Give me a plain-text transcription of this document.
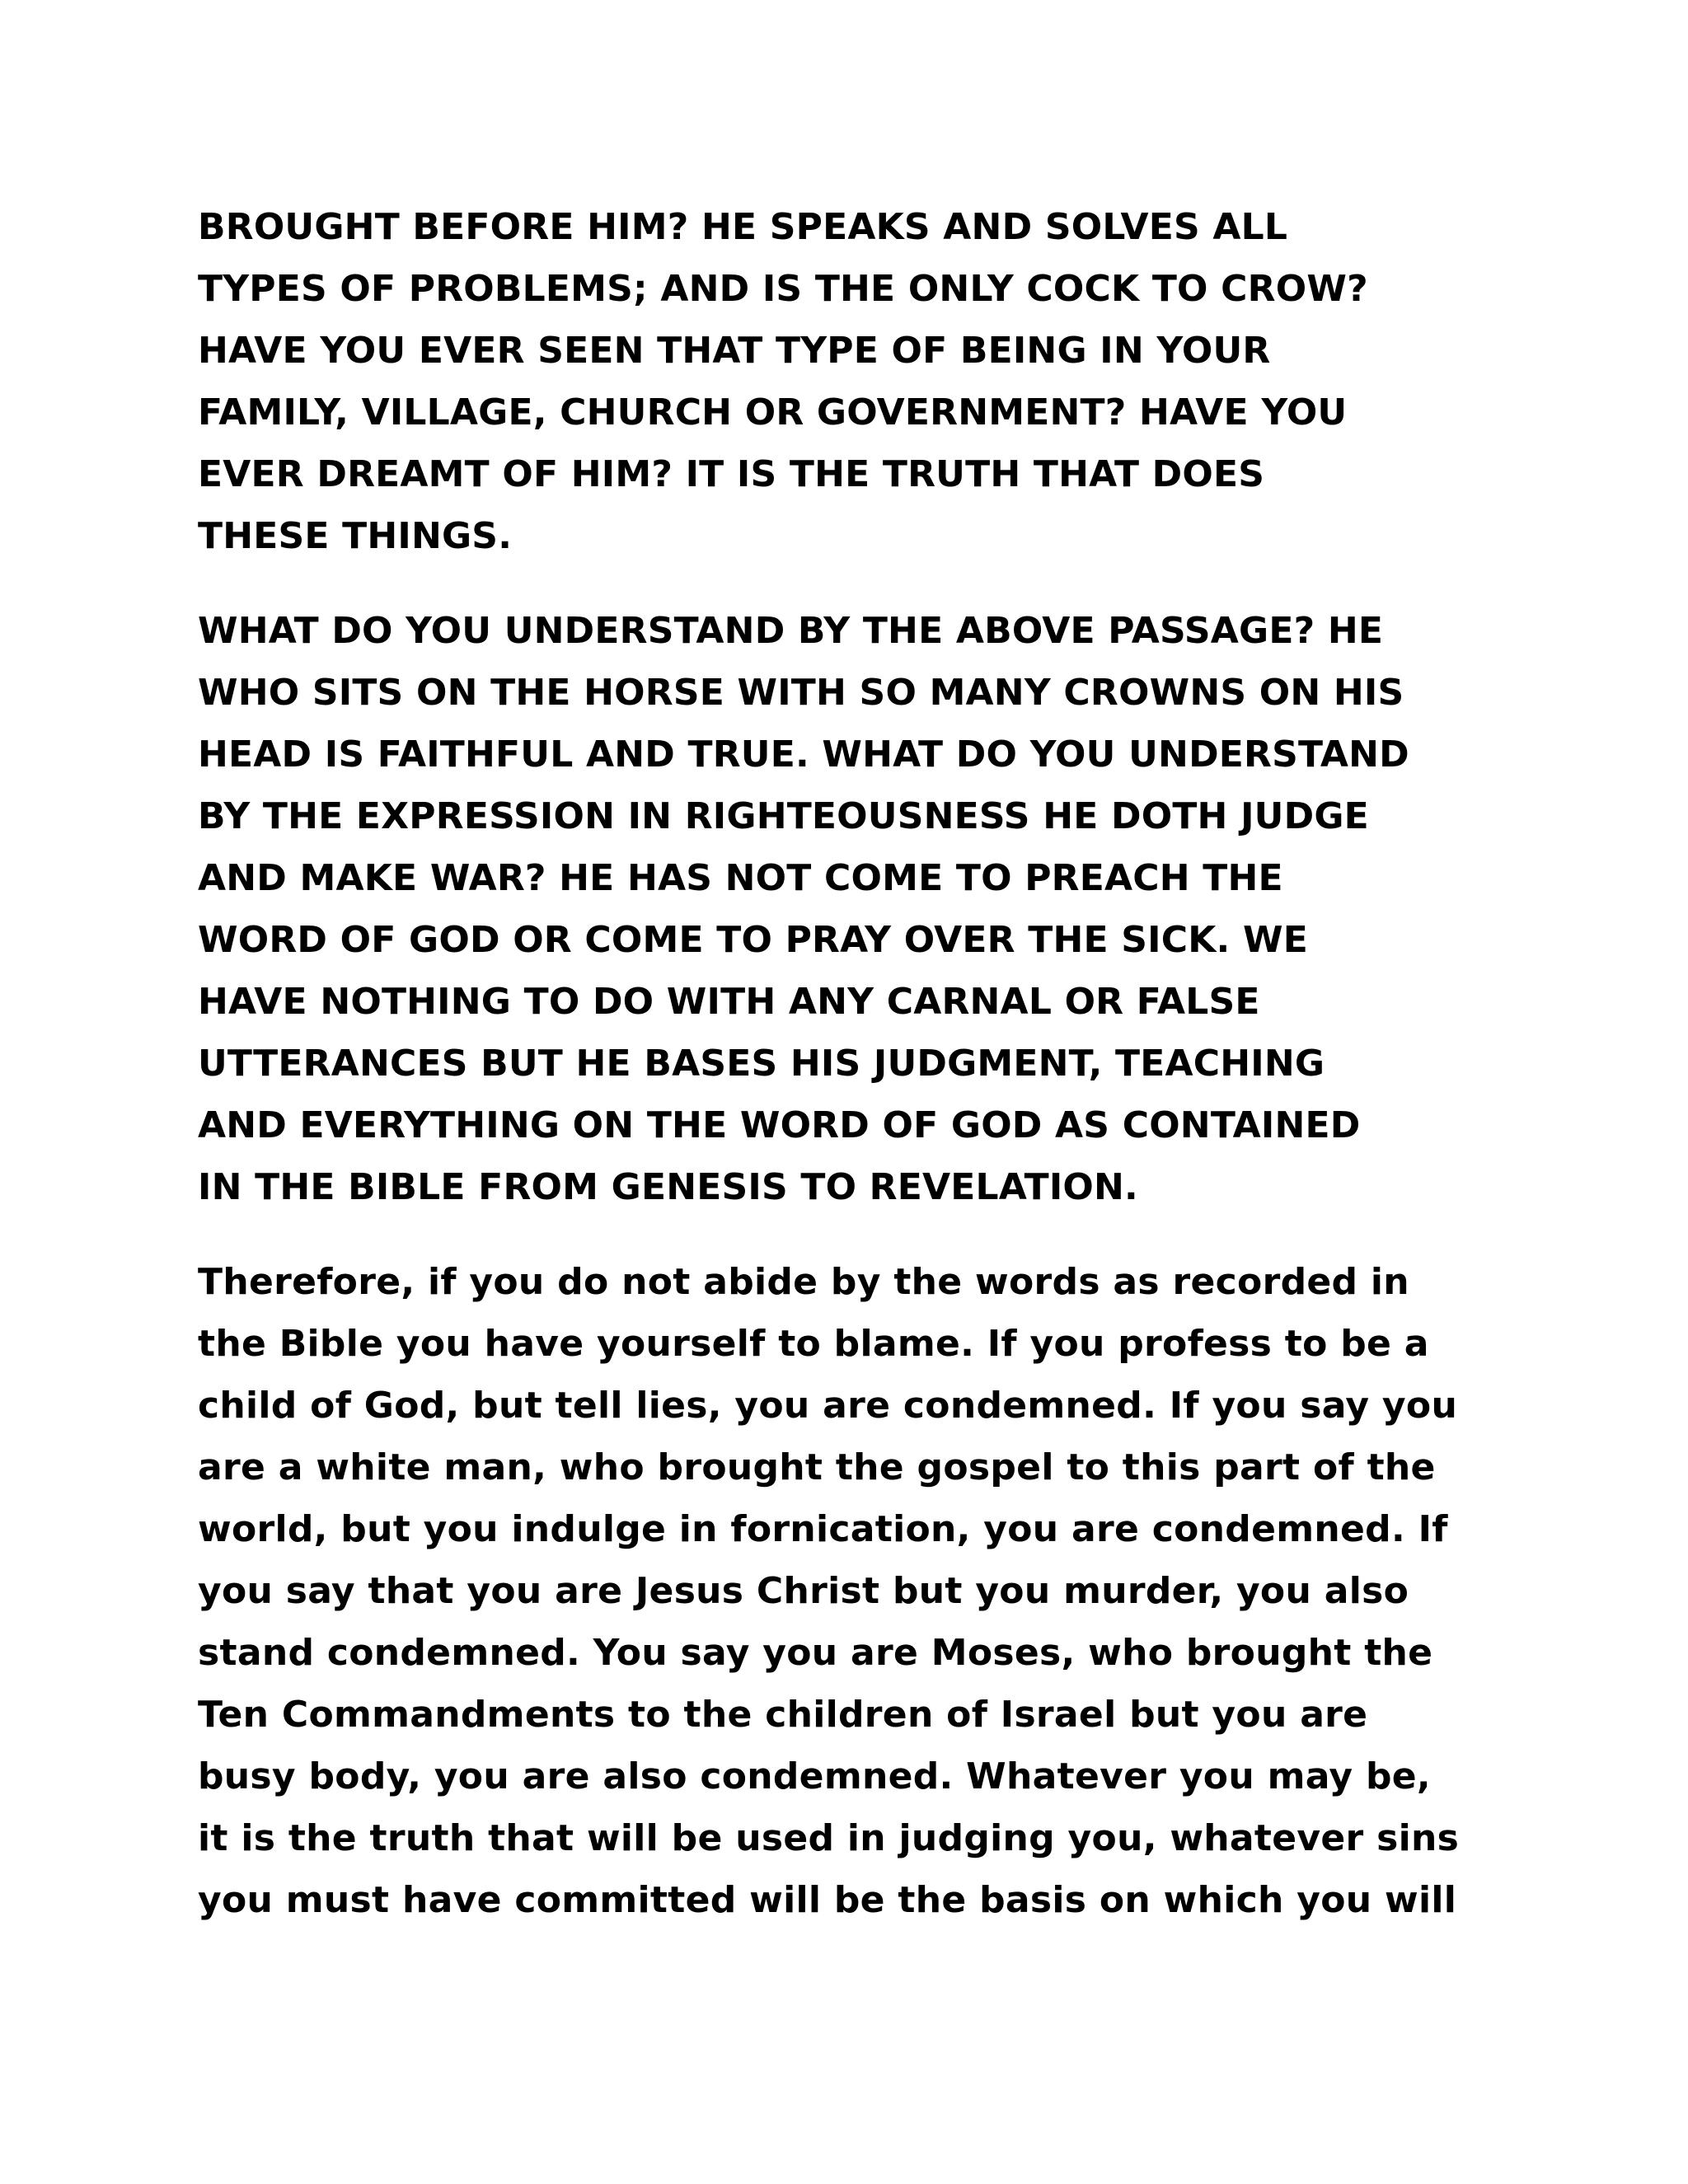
BROUGHT BEFORE HIM? HE SPEAKS AND SOLVES ALL
TYPES OF PROBLEMS; AND IS THE ONLY COCK TO CROW?
HAVE YOU EVER SEEN THAT TYPE OF BEING IN YOUR
FAMILY, VILLAGE, CHURCH OR GOVERNMENT? HAVE YOU
EVER DREAMT OF HIM? IT IS THE TRUTH THAT DOES
THESE THINGS.
WHAT DO YOU UNDERSTAND BY THE ABOVE PASSAGE? HE
WHO SITS ON THE HORSE WITH SO MANY CROWNS ON HIS
HEAD IS FAITHFUL AND TRUE. WHAT DO YOU UNDERSTAND
BY THE EXPRESSION IN RIGHTEOUSNESS HE DOTH JUDGE
AND MAKE WAR? HE HAS NOT COME TO PREACH THE
WORD OF GOD OR COME TO PRAY OVER THE SICK. WE
HAVE NOTHING TO DO WITH ANY CARNAL OR FALSE
UTTERANCES BUT HE BASES HIS JUDGMENT, TEACHING
AND EVERYTHING ON THE WORD OF GOD AS CONTAINED
IN THE BIBLE FROM GENESIS TO REVELATION.
Therefore, if you do not abide by the words as recorded in
the Bible you have yourself to blame. If you profess to be a
child of God, but tell lies, you are condemned. If you say you
are a white man, who brought the gospel to this part of the
world, but you indulge in fornication, you are condemned. If
you say that you are Jesus Christ but you murder, you also
stand condemned. You say you are Moses, who brought the
Ten Commandments to the children of Israel but you are
busy body, you are also condemned. Whatever you may be,
it is the truth that will be used in judging you, whatever sins
you must have committed will be the basis on which you will
